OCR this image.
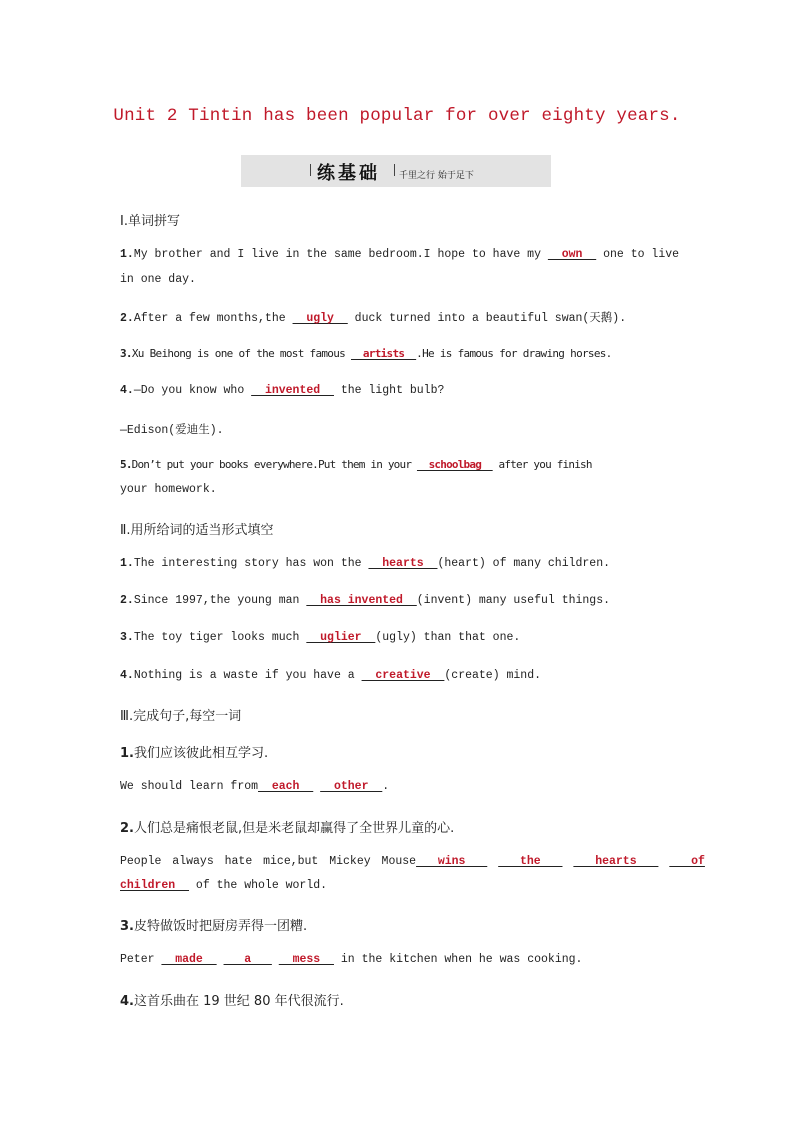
Unit 2 Tintin has been popular for over eighty years.
练基础 千里之行 始于足下
Ⅰ.单词拼写
1.My brother and I live in the same bedroom.I hope to have my   own   one to live
in one day.
2.After a few months,the   ugly   duck turned into a beautiful swan(天鹅).
3.Xu Beihong is one of the most famous   artists  .He is famous for drawing horses.
4.—Do you know who   invented   the light bulb?
—Edison(爱迪生).
5.Don’t put your books everywhere.Put them in your   schoolbag   after you finish
your homework.
Ⅱ.用所给词的适当形式填空
1.The interesting story has won the   hearts  (heart) of many children.
2.Since 1997,the young man   has invented  (invent) many useful things.
3.The toy tiger looks much   uglier  (ugly) than that one.
4.Nothing is a waste if you have a   creative  (create) mind.
Ⅲ.完成句子,每空一词
1.我们应该彼此相互学习.
We should learn from  each     other  .
2.人们总是痛恨老鼠,但是米老鼠却赢得了全世界儿童的心.
People always hate mice,but Mickey Mouse  wins     the     hearts     of
children   of the whole world.
3.皮特做饭时把厨房弄得一团糟.
Peter   made      a      mess   in the kitchen when he was cooking.
4.这首乐曲在 19 世纪 80 年代很流行.
